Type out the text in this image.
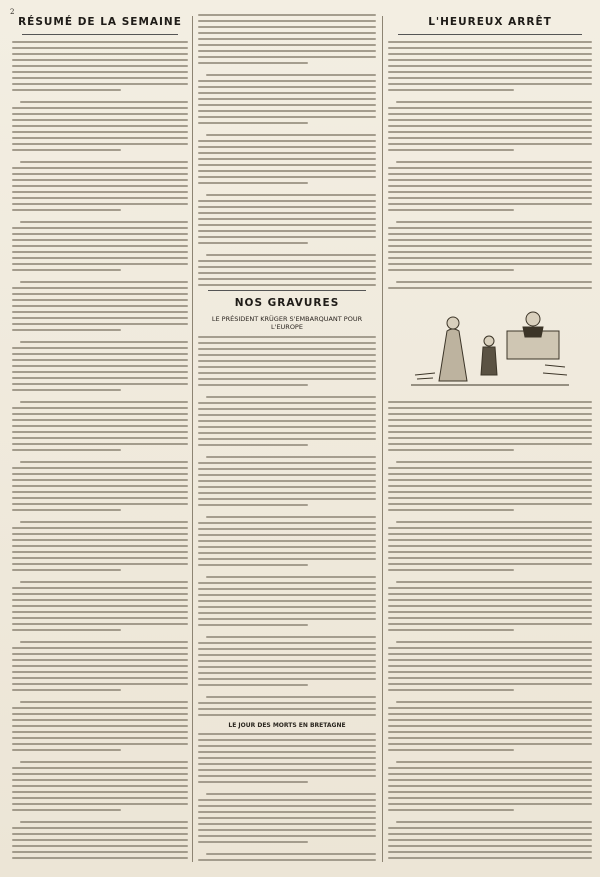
2
RÉSUMÉ DE LA SEMAINE
NOS GRAVURES
LE PRÉSIDENT KRÜGER S'EMBARQUANT POUR L'EUROPE
LE JOUR DES MORTS EN BRETAGNE
L'HEUREUX ARRÊT
